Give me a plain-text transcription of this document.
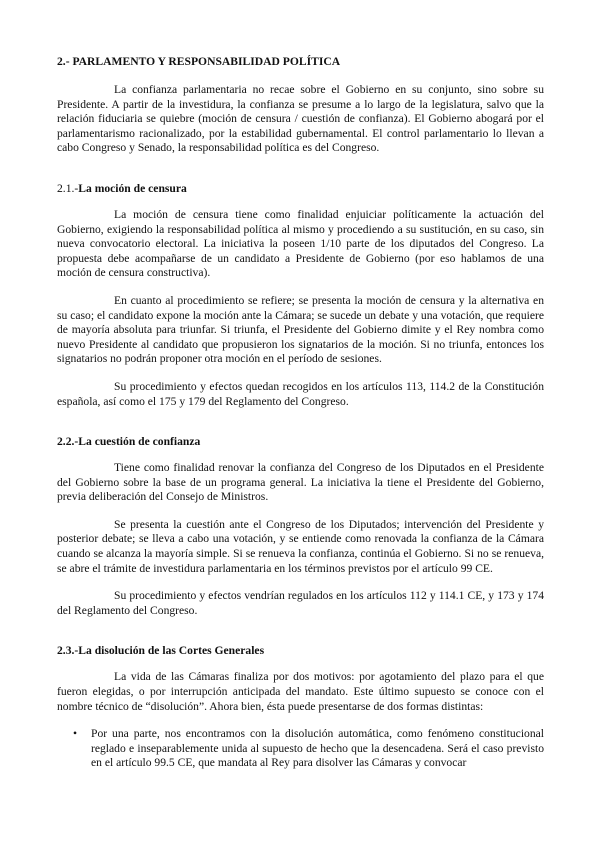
2.- PARLAMENTO Y RESPONSABILIDAD POLÍTICA

La confianza parlamentaria no recae sobre el Gobierno en su conjunto, sino sobre su Presidente. A partir de la investidura, la confianza se presume a lo largo de la legislatura, salvo que la relación fiduciaria se quiebre (moción de censura / cuestión de confianza). El Gobierno abogará por el parlamentarismo racionalizado, por la estabilidad gubernamental. El control parlamentario lo llevan a cabo Congreso y Senado, la responsabilidad política es del Congreso.

2.1.-La moción de censura

La moción de censura tiene como finalidad enjuiciar políticamente la actuación del Gobierno, exigiendo la responsabilidad política al mismo y procediendo a su sustitución, en su caso, sin nueva convocatorio electoral. La iniciativa la poseen 1/10 parte de los diputados del Congreso. La propuesta debe acompañarse de un candidato a Presidente de Gobierno (por eso hablamos de una moción de censura constructiva).

En cuanto al procedimiento se refiere; se presenta la moción de censura y la alternativa en su caso; el candidato expone la moción ante la Cámara; se sucede un debate y una votación, que requiere de mayoría absoluta para triunfar. Si triunfa, el Presidente del Gobierno dimite y el Rey nombra como nuevo Presidente al candidato que propusieron los signatarios de la moción. Si no triunfa, entonces los signatarios no podrán proponer otra moción en el período de sesiones.

Su procedimiento y efectos quedan recogidos en los artículos 113, 114.2 de la Constitución española, así como el 175 y 179 del Reglamento del Congreso.

2.2.-La cuestión de confianza

Tiene como finalidad renovar la confianza del Congreso de los Diputados en el Presidente del Gobierno sobre la base de un programa general. La iniciativa la tiene el Presidente del Gobierno, previa deliberación del Consejo de Ministros.

Se presenta la cuestión ante el Congreso de los Diputados; intervención del Presidente y posterior debate; se lleva a cabo una votación, y se entiende como renovada la confianza de la Cámara cuando se alcanza la mayoría simple. Si se renueva la confianza, continúa el Gobierno. Si no se renueva, se abre el trámite de investidura parlamentaria en los términos previstos por el artículo 99 CE.

Su procedimiento y efectos vendrían regulados en los artículos 112 y 114.1 CE, y 173 y 174 del Reglamento del Congreso.

2.3.-La disolución de las Cortes Generales

La vida de las Cámaras finaliza por dos motivos: por agotamiento del plazo para el que fueron elegidas, o por interrupción anticipada del mandato. Este último supuesto se conoce con el nombre técnico de “disolución”. Ahora bien, ésta puede presentarse de dos formas distintas:

• Por una parte, nos encontramos con la disolución automática, como fenómeno constitucional reglado e inseparablemente unida al supuesto de hecho que la desencadena. Será el caso previsto en el artículo 99.5 CE, que mandata al Rey para disolver las Cámaras y convocar
